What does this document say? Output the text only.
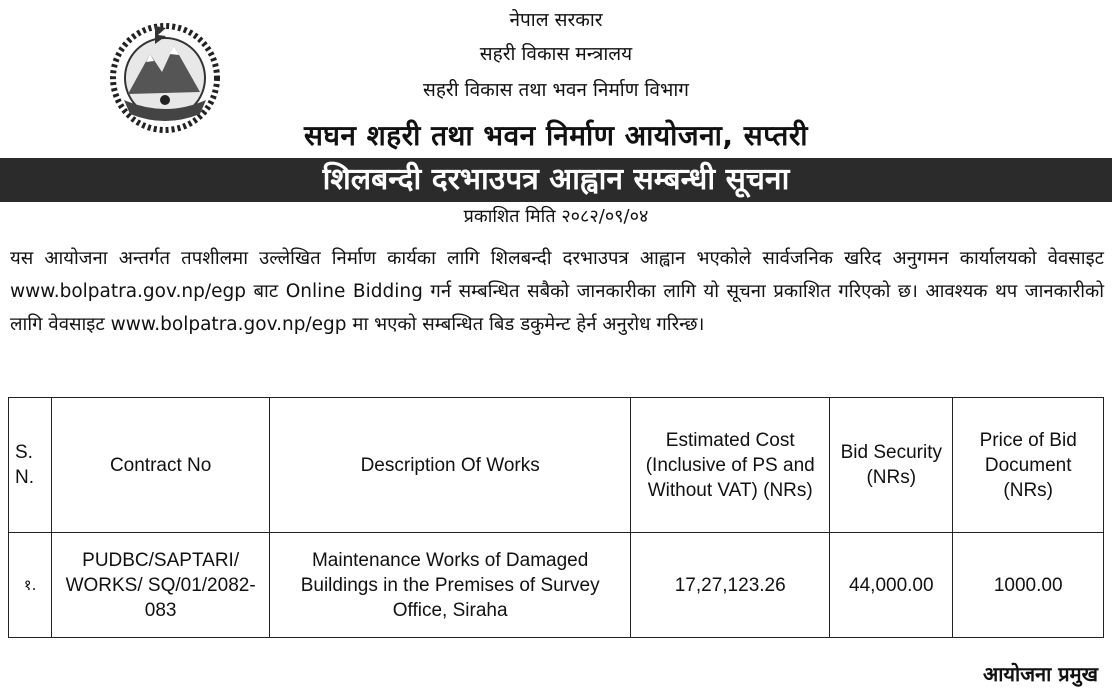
नेपाल सरकार
सहरी विकास मन्त्रालय
सहरी विकास तथा भवन निर्माण विभाग
सघन शहरी तथा भवन निर्माण आयोजना, सप्तरी
शिलबन्दी दरभाउपत्र आह्वान सम्बन्धी सूचना
प्रकाशित मिति २०८२/०९/०४
यस आयोजना अन्तर्गत तपशीलमा उल्लेखित निर्माण कार्यका लागि शिलबन्दी दरभाउपत्र आह्वान भएकोले सार्वजनिक खरिद अनुगमन कार्यालयको वेवसाइट www.bolpatra.gov.np/egp बाट Online Bidding गर्न सम्बन्धित सबैको जानकारीका लागि यो सूचना प्रकाशित गरिएको छ। आवश्यक थप जानकारीको लागि वेवसाइट www.bolpatra.gov.np/egp मा भएको सम्बन्धित बिड डकुमेन्ट हेर्न अनुरोध गरिन्छ।
S. N.	Contract No	Description Of Works	Estimated Cost (Inclusive of PS and Without VAT) (NRs)	Bid Security (NRs)	Price of Bid Document (NRs)
१.	PUDBC/SAPTARI/ WORKS/ SQ/01/2082-083	Maintenance Works of Damaged Buildings in the Premises of Survey Office, Siraha	17,27,123.26	44,000.00	1000.00
आयोजना प्रमुख
